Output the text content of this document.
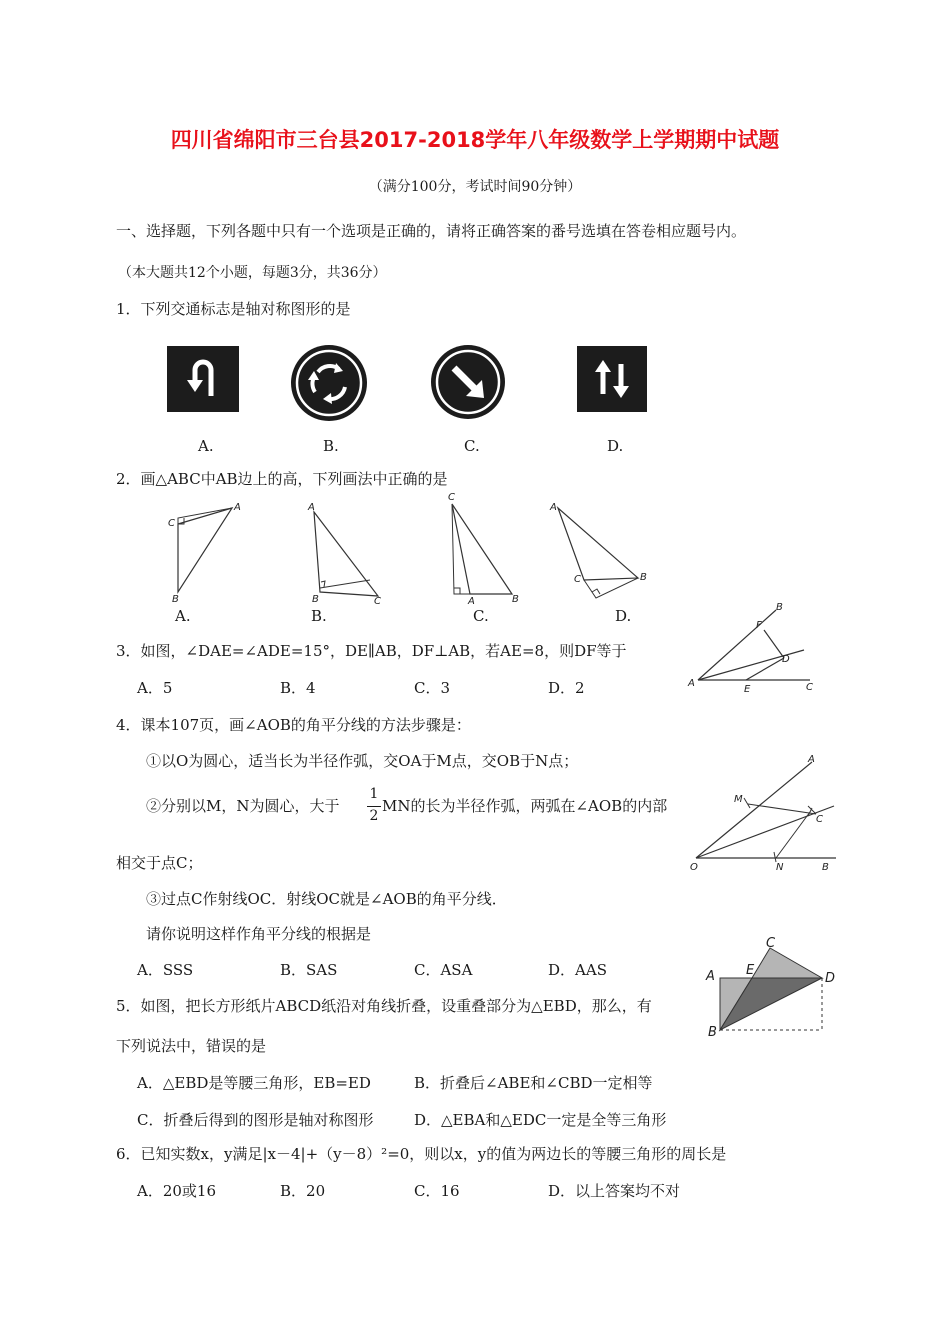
四川省绵阳市三台县2017-2018学年八年级数学上学期期中试题
（满分100分，考试时间90分钟）
一、选择题，下列各题中只有一个选项是正确的，请将正确答案的番号选填在答卷相应题号内。
（本大题共12个小题，每题3分，共36分）
1．下列交通标志是轴对称图形的是
A.	B.	C.	D.
2．画△ABC中AB边上的高，下列画法中正确的是
C
A
B
A
B	C
C
A	B
A
C	B
A.	B.	C.	D.
3．如图，∠DAE=∠ADE=15°，DE∥AB，DF⊥AB，若AE=8，则DF等于
A．5	B．4	C．3	D．2
B
F
D
A
E	C
4．课本107页，画∠AOB的角平分线的方法步骤是：
①以O为圆心，适当长为半径作弧，交OA于M点，交OB于N点；
②分别以M，N为圆心，大于
1
2
MN的长为半径作弧，两弧在∠AOB的内部
相交于点C；
③过点C作射线OC．射线OC就是∠AOB的角平分线．
请你说明这样作角平分线的根据是
A．SSS	B．SAS	C．ASA	D．AAS
A
M
C
O	N	B
5．如图，把长方形纸片ABCD纸沿对角线折叠，设重叠部分为△EBD，那么，有
下列说法中，错误的是
A．△EBD是等腰三角形，EB=ED	B．折叠后∠ABE和∠CBD一定相等
C．折叠后得到的图形是轴对称图形	D．△EBA和△EDC一定是全等三角形
C
A E
D
B
6．已知实数x，y满足|x－4|+（y－8）²=0，则以x，y的值为两边长的等腰三角形的周长是
A．20或16	B．20	C．16	D．以上答案均不对
